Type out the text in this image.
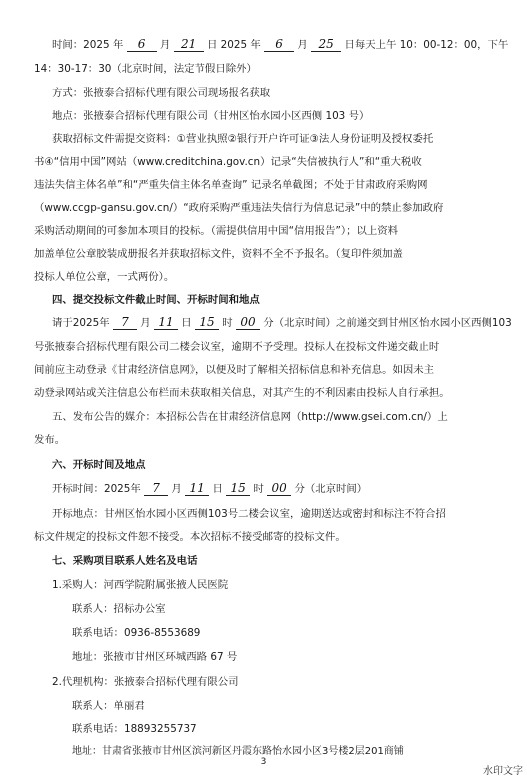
时间：2025 年 6 月 21 日 2025 年 6 月 25 日每天上午 10：00-12：00，下午
14：30-17：30（北京时间，法定节假日除外）
方式：张掖泰合招标代理有限公司现场报名获取
地点：张掖泰合招标代理有限公司（甘州区怡水园小区西侧 103 号）
获取招标文件需提交资料：①营业执照②银行开户许可证③法人身份证明及授权委托
书④“信用中国”网站（www.creditchina.gov.cn）记录“失信被执行人”和“重大税收
违法失信主体名单”和“严重失信主体名单查询” 记录名单截图；不处于甘肃政府采购网
（www.ccgp-gansu.gov.cn/）“政府采购严重违法失信行为信息记录”中的禁止参加政府
采购活动期间的可参加本项目的投标。（需提供信用中国“信用报告”）；以上资料
加盖单位公章胶装成册报名并获取招标文件，资料不全不予报名。（复印件须加盖
投标人单位公章，一式两份）。
四、提交投标文件截止时间、开标时间和地点
请于2025年 7 月 11 日 15 时 00 分（北京时间）之前递交到甘州区怡水园小区西侧103
号张掖泰合招标代理有限公司二楼会议室，逾期不予受理。投标人在投标文件递交截止时
间前应主动登录《甘肃经济信息网》，以便及时了解相关招标信息和补充信息。如因未主
动登录网站或关注信息公布栏而未获取相关信息，对其产生的不利因素由投标人自行承担。
五、发布公告的媒介：本招标公告在甘肃经济信息网（http://www.gsei.com.cn/）上
发布。
六、开标时间及地点
开标时间：2025年 7 月 11 日 15 时 00 分（北京时间）
开标地点：甘州区怡水园小区西侧103号二楼会议室，逾期送达或密封和标注不符合招
标文件规定的投标文件恕不接受。本次招标不接受邮寄的投标文件。
七、采购项目联系人姓名及电话
1.采购人：河西学院附属张掖人民医院
联系人：招标办公室
联系电话：0936-8553689
地址：张掖市甘州区环城西路 67 号
2.代理机构：张掖泰合招标代理有限公司
联系人：单丽君
联系电话：18893255737
地址：甘肃省张掖市甘州区滨河新区丹霞东路怡水园小区3号楼2层201商铺
3
水印文字
